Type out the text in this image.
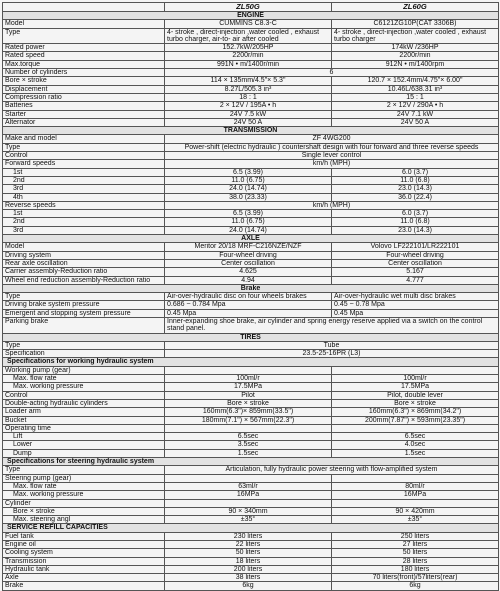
	ZL50G	ZL60G
ENGINE		
Model	CUMMINS C8.3-C	C6121ZG10P(CAT 3306B)
Type	4- stroke , direct-injection ,water cooled , exhaust turbo charger, air-to- air after cooled	4- stroke , direct-injection ,water cooled , exhaust turbo charger
Rated power	152.7kW/205HP	174kW /236HP
Rated speed	2200r/min	2200r/min
Max.torque	991N • m/1400r/min	912N • m/1400rpm
Number of cylinders	6	
Bore × stroke	114 × 135mm/4.5"× 5.3"	120.7 × 152.4mm/4.75"× 6.00"
Displacement	8.27L/505.3 in³	10.46L/638.31 in³
Compression ratio	18 : 1	15 : 1
Batteries	2 × 12V / 195A • h	2 × 12V / 290A • h
Starter	24V 7.5 kW	24V 7.1 kW
Alternator	24V 50 A	24V 50 A
TRANSMISSION		
Make and model	ZF 4WG200	
Type	Power-shift (electric hydraulic ) countershaft design with four forward and three reverse speeds	
Control	Single lever control	
Forward speeds	km/h (MPH)	
1st	6.5 (3.99)	6.0 (3.7)
2nd	11.0 (6.75)	11.0 (6.8)
3rd	24.0 (14.74)	23.0 (14.3)
4th	38.0 (23.33)	36.0 (22.4)
Reverse speeds	km/h (MPH)	
1st	6.5 (3.99)	6.0 (3.7)
2nd	11.0 (6.75)	11.0 (6.8)
3rd	24.0 (14.74)	23.0 (14.3)
AXLE		
Model	Meritor 20/18 MRF-C216NZE/NZF	Volovo LF222101/LR222101
Driving system	Four-wheel driving	Four-wheel driving
Rear axle oscillation	Center oscillation	Center oscillation
Carrier assembly-Reduction ratio	4.625	5.167
Wheel end reduction assembly-Reduction ratio	4.94	4.777
Brake		
Type	Air-over-hydraulic disc on four wheels brakes	Air-over-hydraulic wet multi disc brakes
Driving brake system pressure	0.686 ~ 0.784 Mpa	0.45 ~ 0.78 Mpa
Emergent and stopping system pressure	0.45 Mpa	0.45 Mpa
Parking brake	Inner-expanding shoe brake, air cylinder and spring energy reserve applied via a switch on the control stand panel.	
TIRES		
Type	Tube	
Specification	23.5-25-16PR (L3)	
Specifications for working hydraulic system		
Working pump (gear)		
Max. flow rate	100ml/r	100ml/r
Max. working pressure	17.5MPa	17.5MPa
Control	Pilot	Pilot, double lever
Double-acting hydraulic cylinders	Bore × stroke	Bore × stroke
Loader arm	160mm(6.3")× 859mm(33.5")	160mm(6.3") × 869mm(34.2")
Bucket	180mm(7.1") × 567mm(22.3")	200mm(7.87") × 593mm(23.35")
Operating time		
Lift	6.5sec	6.5sec
Lower	3.5sec	4.0sec
Dump	1.5sec	1.5sec
Specifications for steering hydraulic system		
Type	Articulation, fully hydraulic power steering with flow-amplified system	
Steering pump (gear)		
Max. flow rate	63ml/r	80ml/r
Max. working pressure	16MPa	16MPa
Cylinder		
Bore × stroke	90 × 340mm	90 × 420mm
Max. steering angl	±35°	±35°
SERVICE REFILL CAPACITIES		
Fuel tank	230 liters	250 liters
Engine oil	22 liters	27 liters
Cooling system	50 liters	50 liters
Transmission	18 liters	28 liters
Hydraulic tank	200 liters	180 liters
Axle	38 liters	70 liters(front)/57liters(rear)
Brake	6kg	6kg
